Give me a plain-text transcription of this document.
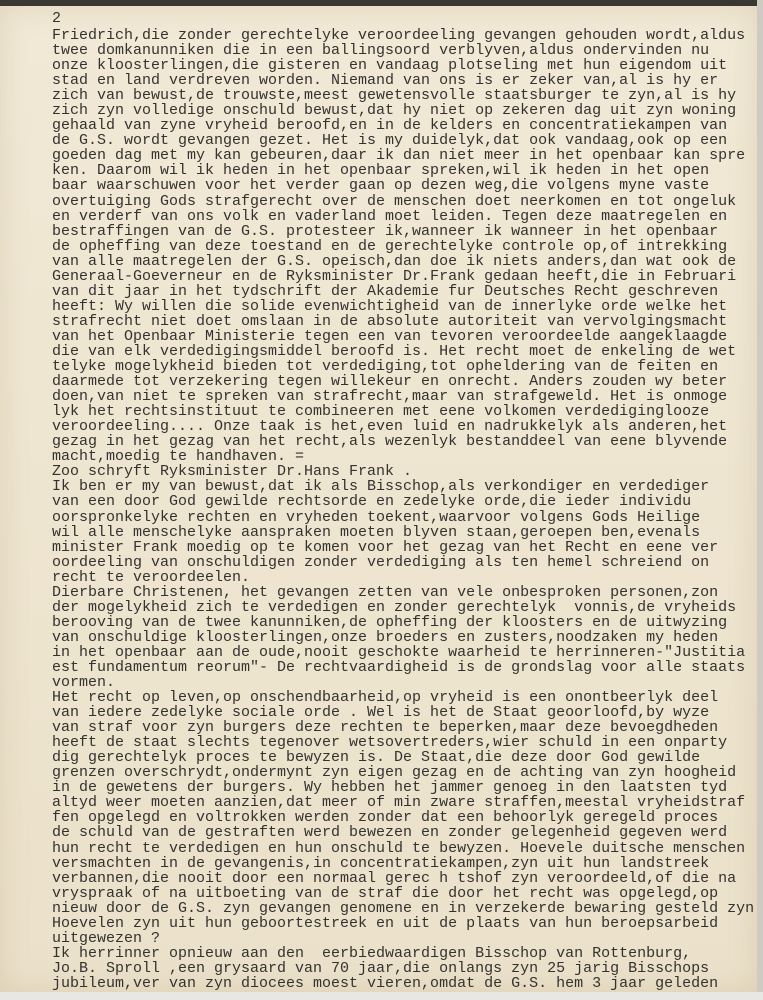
2
Friedrich,die zonder gerechtelyke veroordeeling gevangen gehouden wordt,aldus
twee domkanunniken die in een ballingsoord verblyven,aldus ondervinden nu
onze kloosterlingen,die gisteren en vandaag plotseling met hun eigendom uit
stad en land verdreven worden. Niemand van ons is er zeker van,al is hy er
zich van bewust,de trouwste,meest gewetensvolle staatsburger te zyn,al is hy
zich zyn volledige onschuld bewust,dat hy niet op zekeren dag uit zyn woning
gehaald van zyne vryheid beroofd,en in de kelders en concentratiekampen van
de G.S. wordt gevangen gezet. Het is my duidelyk,dat ook vandaag,ook op een
goeden dag met my kan gebeuren,daar ik dan niet meer in het openbaar kan spre
ken. Daarom wil ik heden in het openbaar spreken,wil ik heden in het open
baar waarschuwen voor het verder gaan op dezen weg,die volgens myne vaste
overtuiging Gods strafgerecht over de menschen doet neerkomen en tot ongeluk
en verderf van ons volk en vaderland moet leiden. Tegen deze maatregelen en
bestraffingen van de G.S. protesteer ik,wanneer ik wanneer in het openbaar
de opheffing van deze toestand en de gerechtelyke controle op,of intrekking
van alle maatregelen der G.S. opeisch,dan doe ik niets anders,dan wat ook de
Generaal-Goeverneur en de Ryksminister Dr.Frank gedaan heeft,die in Februari
van dit jaar in het tydschrift der Akademie fur Deutsches Recht geschreven
heeft: Wy willen die solide evenwichtigheid van de innerlyke orde welke het
strafrecht niet doet omslaan in de absolute autoriteit van vervolgingsmacht
van het Openbaar Ministerie tegen een van tevoren veroordeelde aangeklaagde
die van elk verdedigingsmiddel beroofd is. Het recht moet de enkeling de wet
telyke mogelykheid bieden tot verdediging,tot opheldering van de feiten en
daarmede tot verzekering tegen willekeur en onrecht. Anders zouden wy beter
doen,van niet te spreken van strafrecht,maar van strafgeweld. Het is onmoge
lyk het rechtsinstituut te combineeren met eene volkomen verdediginglooze
veroordeeling.... Onze taak is het,even luid en nadrukkelyk als anderen,het
gezag in het gezag van het recht,als wezenlyk bestanddeel van eene blyvende
macht,moedig te handhaven. =
Zoo schryft Ryksminister Dr.Hans Frank .
Ik ben er my van bewust,dat ik als Bisschop,als verkondiger en verdediger
van een door God gewilde rechtsorde en zedelyke orde,die ieder individu
oorspronkelyke rechten en vryheden toekent,waarvoor volgens Gods Heilige
wil alle menschelyke aanspraken moeten blyven staan,geroepen ben,evenals
minister Frank moedig op te komen voor het gezag van het Recht en eene ver
oordeeling van onschuldigen zonder verdediging als ten hemel schreiend on
recht te veroordeelen.
Dierbare Christenen, het gevangen zetten van vele onbesproken personen,zon
der mogelykheid zich te verdedigen en zonder gerechtelyk  vonnis,de vryheids
berooving van de twee kanunniken,de opheffing der kloosters en de uitwyzing
van onschuldige kloosterlingen,onze broeders en zusters,noodzaken my heden
in het openbaar aan de oude,nooit geschokte waarheid te herrinneren-"Justitia
est fundamentum reorum"- De rechtvaardigheid is de grondslag voor alle staats
vormen.
Het recht op leven,op onschendbaarheid,op vryheid is een onontbeerlyk deel
van iedere zedelyke sociale orde . Wel is het de Staat geoorloofd,by wyze
van straf voor zyn burgers deze rechten te beperken,maar deze bevoegdheden
heeft de staat slechts tegenover wetsovertreders,wier schuld in een onparty
dig gerechtelyk proces te bewyzen is. De Staat,die deze door God gewilde
grenzen overschrydt,ondermynt zyn eigen gezag en de achting van zyn hoogheid
in de gewetens der burgers. Wy hebben het jammer genoeg in den laatsten tyd
altyd weer moeten aanzien,dat meer of min zware straffen,meestal vryheidstraf
fen opgelegd en voltrokken werden zonder dat een behoorlyk geregeld proces
de schuld van de gestraften werd bewezen en zonder gelegenheid gegeven werd
hun recht te verdedigen en hun onschuld te bewyzen. Hoevele duitsche menschen
versmachten in de gevangenis,in concentratiekampen,zyn uit hun landstreek
verbannen,die nooit door een normaal gerec h tshof zyn veroordeeld,of die na
vryspraak of na uitboeting van de straf die door het recht was opgelegd,op
nieuw door de G.S. zyn gevangen genomene en in verzekerde bewaring gesteld zyn
Hoevelen zyn uit hun geboortestreek en uit de plaats van hun beroepsarbeid
uitgewezen ?
Ik herrinner opnieuw aan den  eerbiedwaardigen Bisschop van Rottenburg,
Jo.B. Sproll ,een grysaard van 70 jaar,die onlangs zyn 25 jarig Bisschops
jubileum,ver van zyn diocees moest vieren,omdat de G.S. hem 3 jaar geleden
